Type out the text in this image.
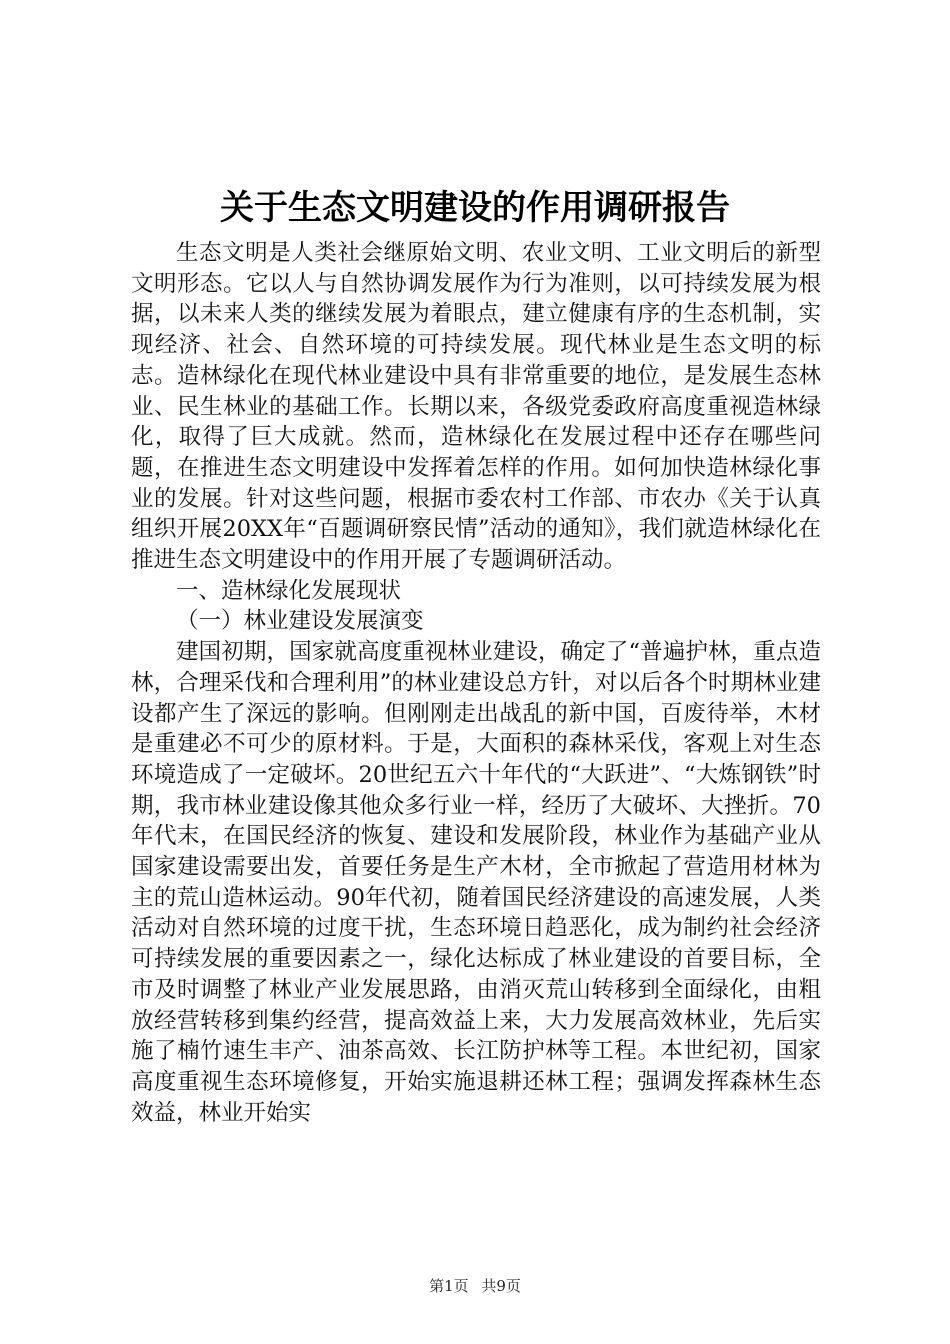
关于生态文明建设的作用调研报告

生态文明是人类社会继原始文明、农业文明、工业文明后的新型文明形态。它以人与自然协调发展作为行为准则，以可持续发展为根据，以未来人类的继续发展为着眼点，建立健康有序的生态机制，实现经济、社会、自然环境的可持续发展。现代林业是生态文明的标志。造林绿化在现代林业建设中具有非常重要的地位，是发展生态林业、民生林业的基础工作。长期以来，各级党委政府高度重视造林绿化，取得了巨大成就。然而，造林绿化在发展过程中还存在哪些问题，在推进生态文明建设中发挥着怎样的作用。如何加快造林绿化事业的发展。针对这些问题，根据市委农村工作部、市农办《关于认真组织开展20XX年“百题调研察民情”活动的通知》，我们就造林绿化在推进生态文明建设中的作用开展了专题调研活动。

一、造林绿化发展现状

（一）林业建设发展演变

建国初期，国家就高度重视林业建设，确定了“普遍护林，重点造林，合理采伐和合理利用”的林业建设总方针，对以后各个时期林业建设都产生了深远的影响。但刚刚走出战乱的新中国，百废待举，木材是重建必不可少的原材料。于是，大面积的森林采伐，客观上对生态环境造成了一定破坏。20世纪五六十年代的“大跃进”、“大炼钢铁”时期，我市林业建设像其他众多行业一样，经历了大破坏、大挫折。70年代末，在国民经济的恢复、建设和发展阶段，林业作为基础产业从国家建设需要出发，首要任务是生产木材，全市掀起了营造用材林为主的荒山造林运动。90年代初，随着国民经济建设的高速发展，人类活动对自然环境的过度干扰，生态环境日趋恶化，成为制约社会经济可持续发展的重要因素之一，绿化达标成了林业建设的首要目标，全市及时调整了林业产业发展思路，由消灭荒山转移到全面绿化，由粗放经营转移到集约经营，提高效益上来，大力发展高效林业，先后实施了楠竹速生丰产、油茶高效、长江防护林等工程。本世纪初，国家高度重视生态环境修复，开始实施退耕还林工程；强调发挥森林生态效益，林业开始实

第1页 共9页
